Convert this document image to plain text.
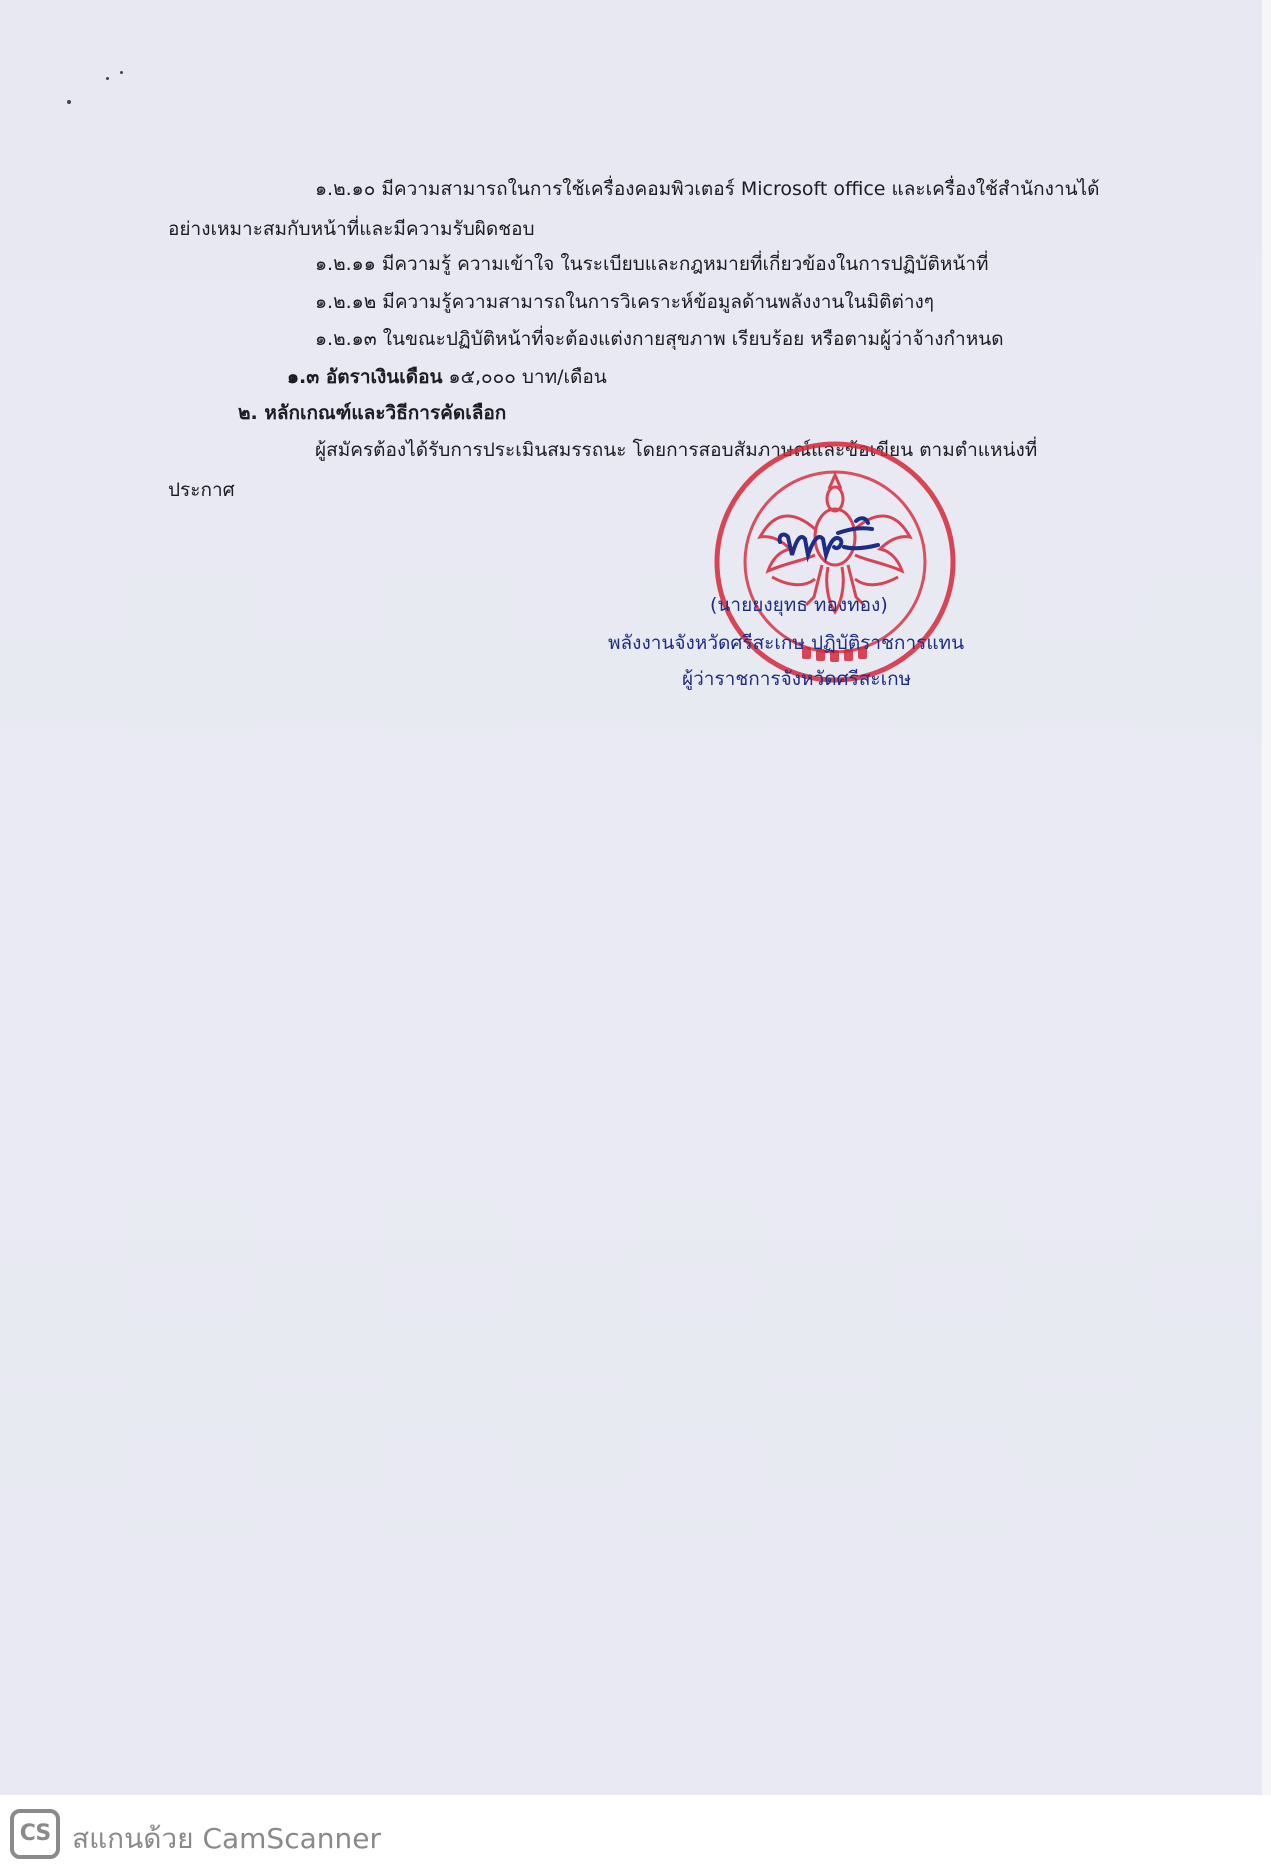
๑.๒.๑๐ มีความสามารถในการใช้เครื่องคอมพิวเตอร์ Microsoft office และเครื่องใช้สำนักงานได้
อย่างเหมาะสมกับหน้าที่และมีความรับผิดชอบ
๑.๒.๑๑ มีความรู้ ความเข้าใจ ในระเบียบและกฎหมายที่เกี่ยวข้องในการปฏิบัติหน้าที่
๑.๒.๑๒ มีความรู้ความสามารถในการวิเคราะห์ข้อมูลด้านพลังงานในมิติต่างๆ
๑.๒.๑๓ ในขณะปฏิบัติหน้าที่จะต้องแต่งกายสุขภาพ เรียบร้อย หรือตามผู้ว่าจ้างกำหนด
๑.๓ อัตราเงินเดือน ๑๕,๐๐๐ บาท/เดือน
๒. หลักเกณฑ์และวิธีการคัดเลือก
ผู้สมัครต้องได้รับการประเมินสมรรถนะ โดยการสอบสัมภาษณ์และข้อเขียน ตามตำแหน่งที่
ประกาศ
(นายยงยุทธ ทองทอง)
พลังงานจังหวัดศรีสะเกษ ปฏิบัติราชการแทน
ผู้ว่าราชการจังหวัดศรีสะเกษ
CS สแกนด้วย CamScanner
